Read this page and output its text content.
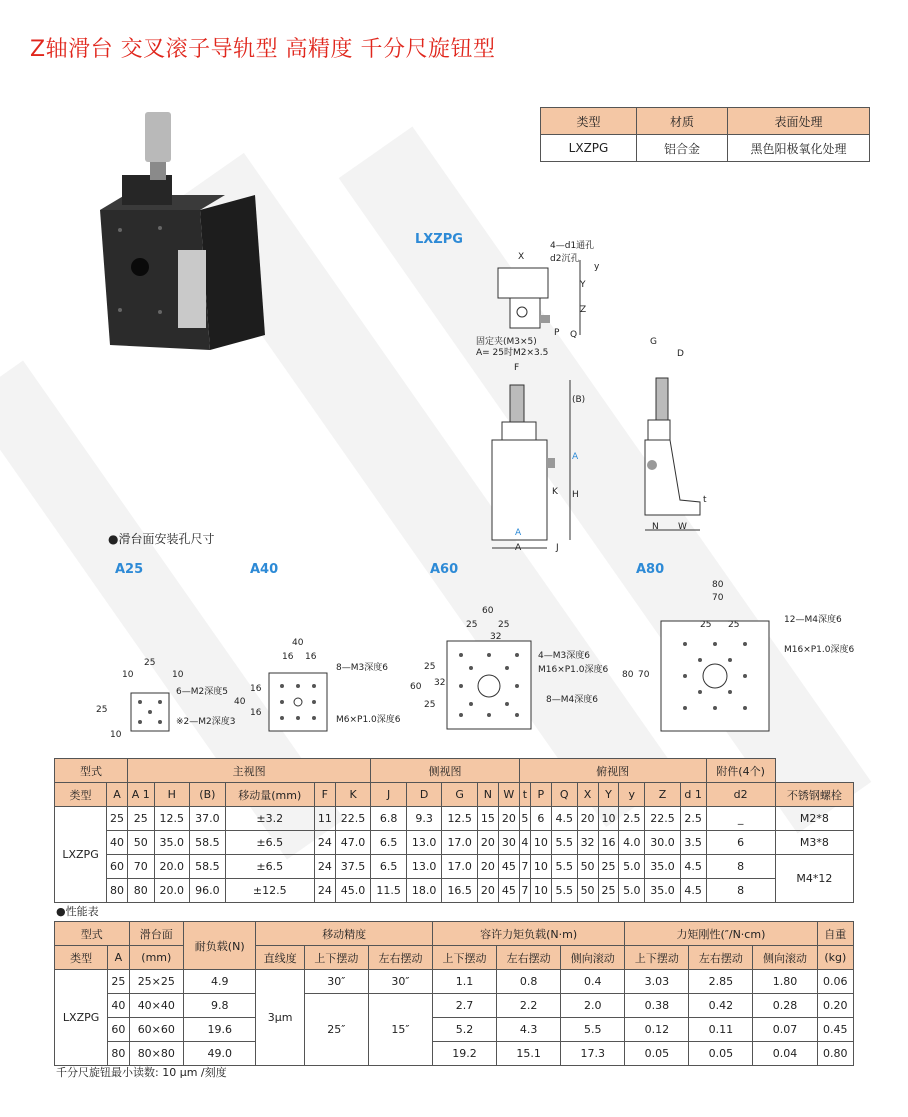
Z轴滑台 交叉滚子导轨型 高精度 千分尺旋钮型
类型	材质	表面处理
LXZPG	铝合金	黑色阳极氧化处理
LXZPG	4—d1通孔
d2沉孔
X
y
Y
Z
P Q
固定夹(M3×5)
A= 25时M2×3.5
F
(B)
A
K H
A
A	J
G
D
t
N W
●滑台面安装孔尺寸
A25	A40	A60	A80
25
10	10
25
10
6—M2深度5
※2—M2深度3
40
16 16
40
16
16
8—M3深度6
M6×P1.0深度6
60
25 25
32
60
25
32
25
4—M3深度6
M16×P1.0深度6
8—M4深度6
80
70
25 25
80 70
12—M4深度6
M16×P1.0深度6
型式		主视图						侧视图					俯视图								附件(4个)	
类型	A	A 1	H	(B)	移动量(mm)	F	K	J	D	G	N	W	t	P	Q	X	Y	y	Z	d 1	d2	不锈钢螺栓
LXZPG	25	25	12.5	37.0	±3.2	11	22.5	6.8	9.3	12.5	15	20	5	6	4.5	20	10	2.5	22.5	2.5	_	M2*8
	40	50	35.0	58.5	±6.5	24	47.0	6.5	13.0	17.0	20	30	4	10	5.5	32	16	4.0	30.0	3.5	6	M3*8
	60	70	20.0	58.5	±6.5	24	37.5	6.5	13.0	17.0	20	45	7	10	5.5	50	25	5.0	35.0	4.5	8	M4*12
	80	80	20.0	96.0	±12.5	24	45.0	11.5	18.0	16.5	20	45	7	10	5.5	50	25	5.0	35.0	4.5	8	
●性能表
型式		滑台面	耐负载(N)	移动精度			容许力矩负载(N·m)			力矩刚性(″/N·cm)			自重
类型	A	(mm)		直线度	上下摆动	左右摆动	上下摆动	左右摆动	侧向滚动	上下摆动	左右摆动	侧向滚动	(kg)
LXZPG	25	25×25	4.9	3μm	30″	30″	1.1	0.8	0.4	3.03	2.85	1.80	0.06
	40	40×40	9.8		25″	15″	2.7	2.2	2.0	0.38	0.42	0.28	0.20
	60	60×60	19.6				5.2	4.3	5.5	0.12	0.11	0.07	0.45
	80	80×80	49.0				19.2	15.1	17.3	0.05	0.05	0.04	0.80
千分尺旋钮最小读数: 10 μm /刻度
